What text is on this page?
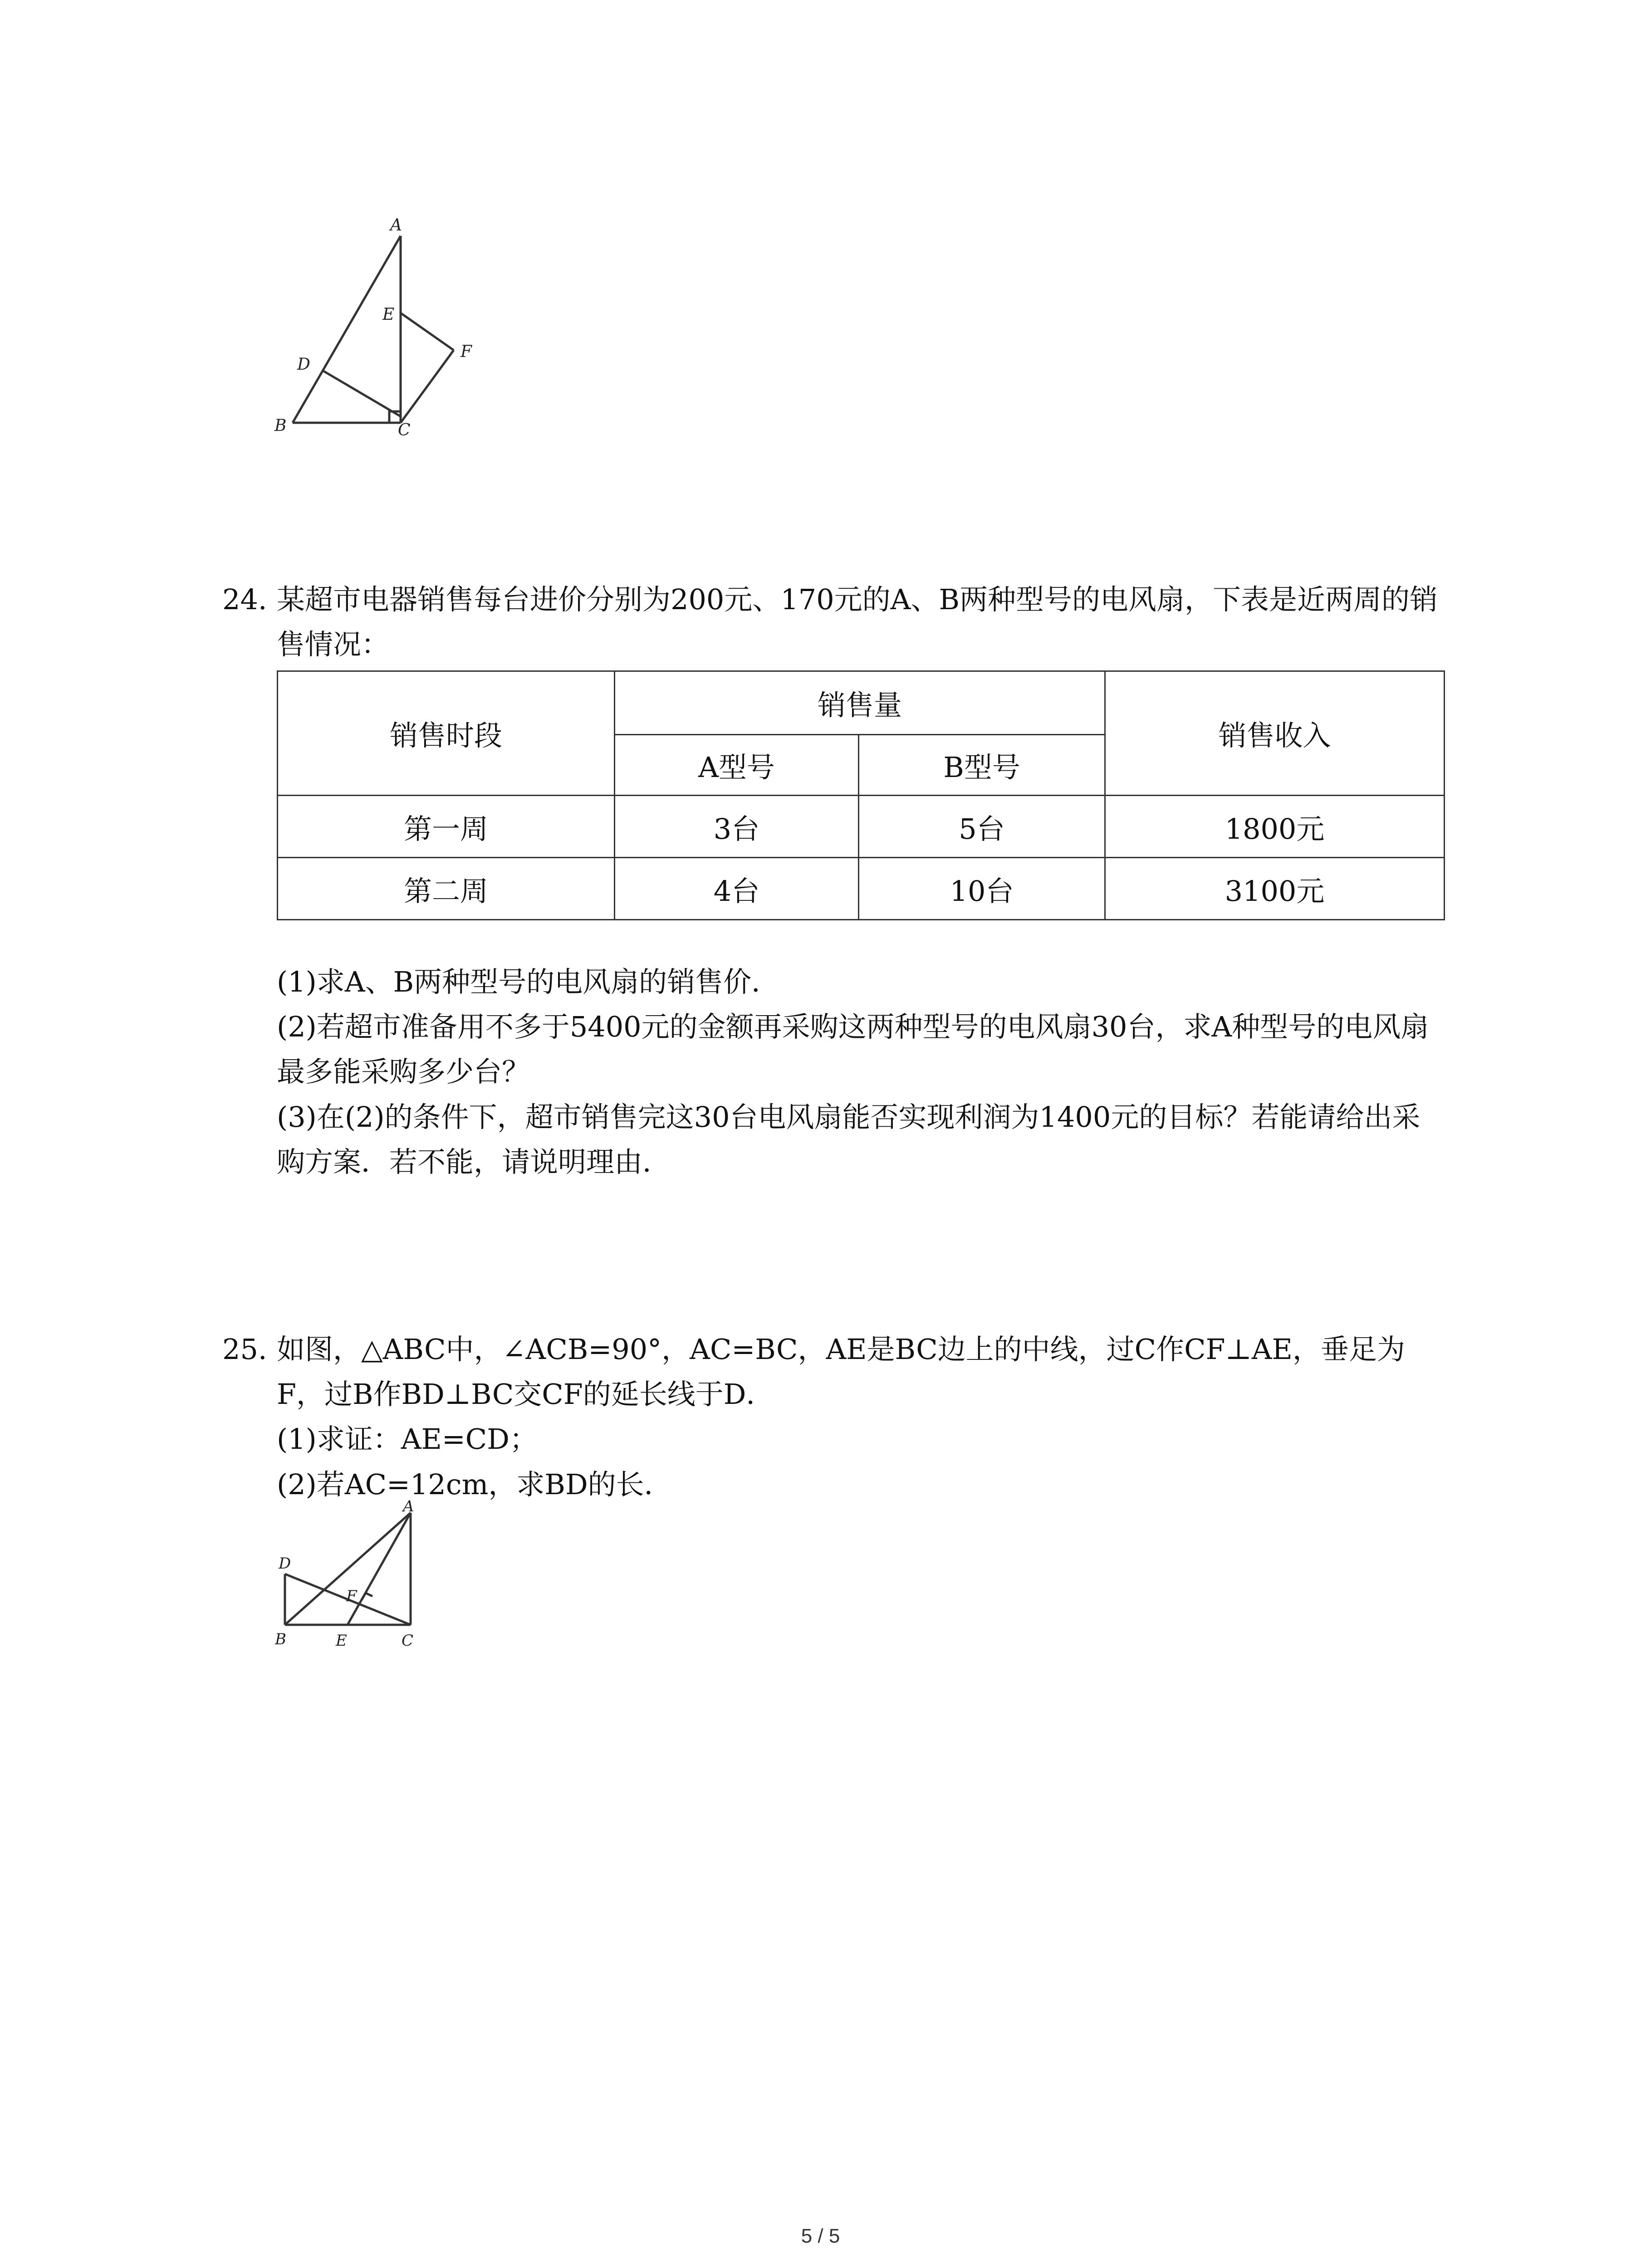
A
B	C
D
E
F
24. 某超市电器销售每台进价分别为200元、170元的A、B两种型号的电风扇，下表是近两周的销售情况：
销售时段	销售量		销售收入
	A型号	B型号	
第一周	3台	5台	1800元
第二周	4台	10台	3100元

(1)求A、B两种型号的电风扇的销售价．

(2)若超市准备用不多于5400元的金额再采购这两种型号的电风扇30台，求A种型号的电风扇最多能采购多少台？

(3)在(2)的条件下，超市销售完这30台电风扇能否实现利润为1400元的目标？若能请给出采购方案．若不能，请说明理由．

25. 如图，△ABC中，∠ACB=90°，AC=BC，AE是BC边上的中线，过C作CF⊥AE，垂足为F，过B作BD⊥BC交CF的延长线于D．

(1)求证：AE=CD；

(2)若AC=12cm，求BD的长．

A
B	C
D
E
F
5 / 5
